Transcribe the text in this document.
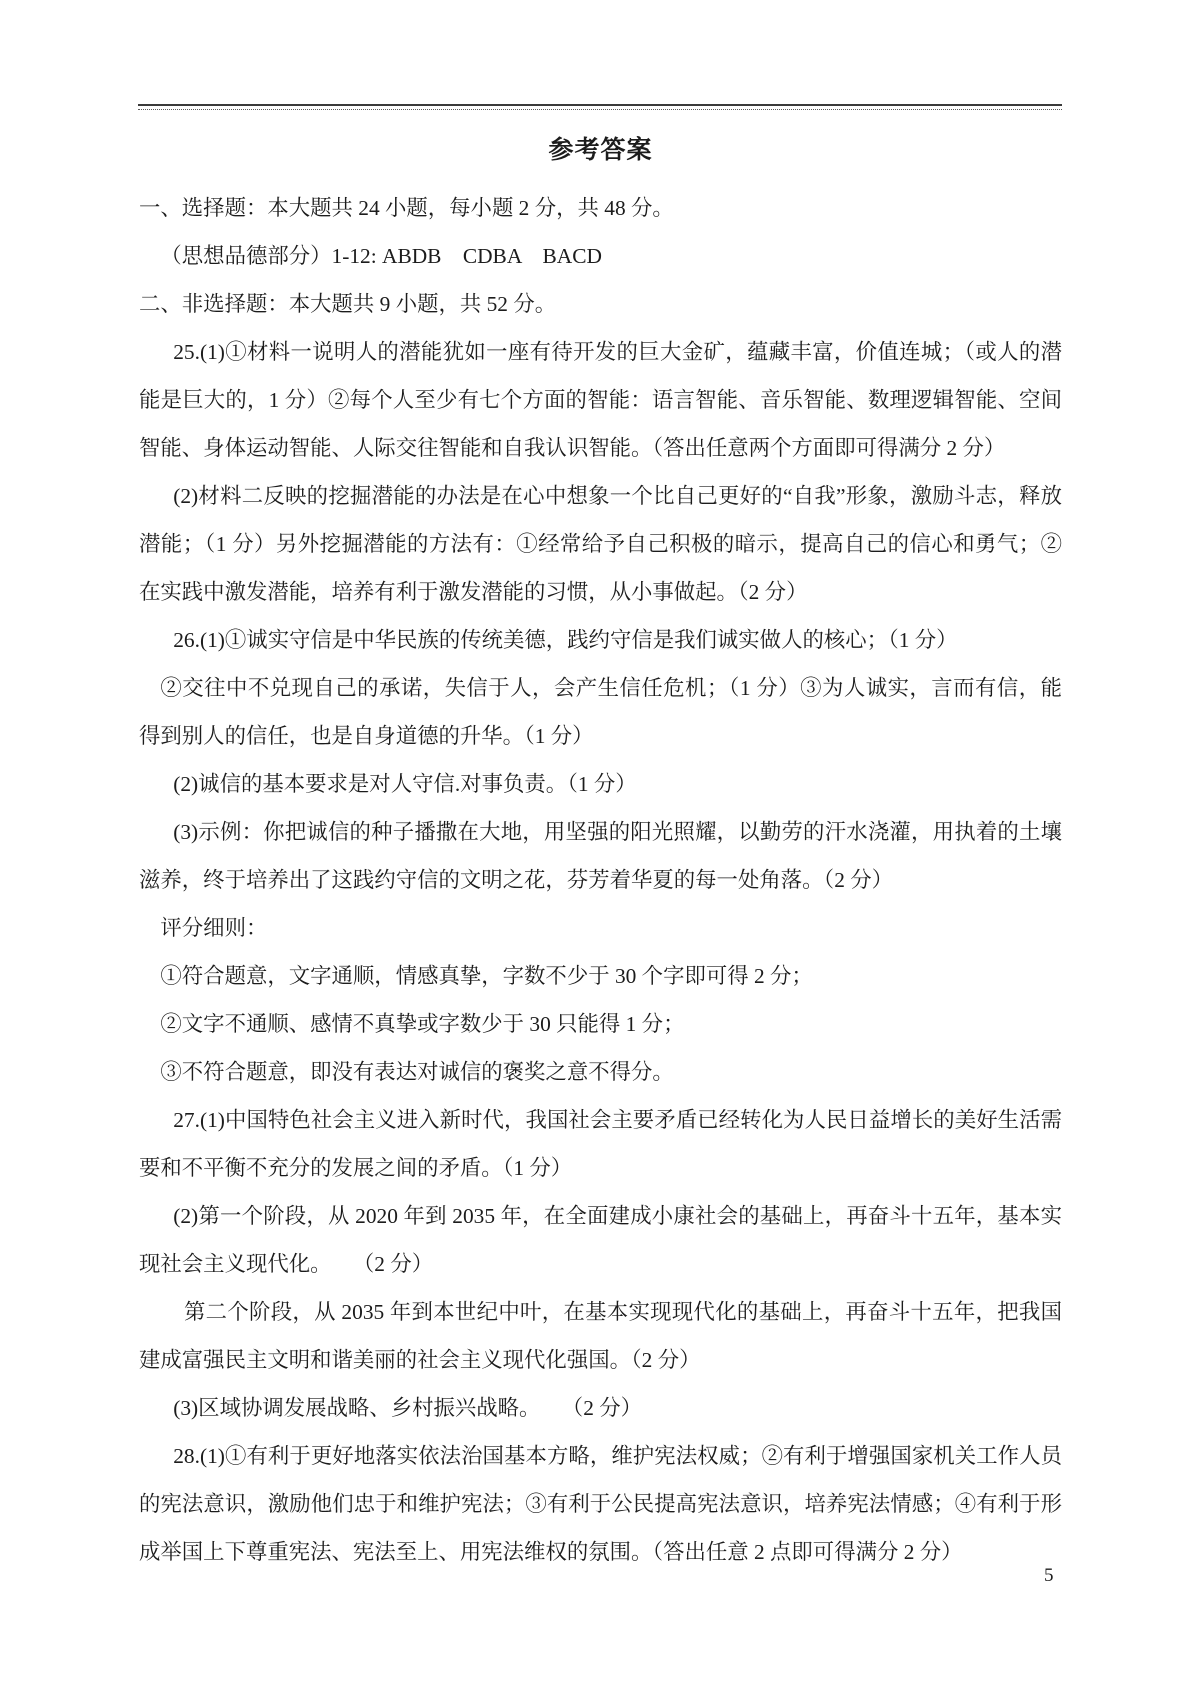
参考答案

一、选择题：本大题共 24 小题，每小题 2 分，共 48 分。

（思想品德部分）1-12: ABDB　CDBA　BACD

二、非选择题：本大题共 9 小题，共 52 分。

25.(1)①材料一说明人的潜能犹如一座有待开发的巨大金矿，蕴藏丰富，价值连城；（或人的潜能是巨大的，1 分）②每个人至少有七个方面的智能：语言智能、音乐智能、数理逻辑智能、空间智能、身体运动智能、人际交往智能和自我认识智能。（答出任意两个方面即可得满分 2 分）

(2)材料二反映的挖掘潜能的办法是在心中想象一个比自己更好的“自我”形象，激励斗志，释放潜能；（1 分）另外挖掘潜能的方法有：①经常给予自己积极的暗示，提高自己的信心和勇气；②在实践中激发潜能，培养有利于激发潜能的习惯，从小事做起。（2 分）

26.(1)①诚实守信是中华民族的传统美德，践约守信是我们诚实做人的核心；（1 分）

②交往中不兑现自己的承诺，失信于人，会产生信任危机；（1 分）③为人诚实，言而有信，能得到别人的信任，也是自身道德的升华。（1 分）

(2)诚信的基本要求是对人守信.对事负责。（1 分）

(3)示例：你把诚信的种子播撒在大地，用坚强的阳光照耀，以勤劳的汗水浇灌，用执着的土壤滋养，终于培养出了这践约守信的文明之花，芬芳着华夏的每一处角落。（2 分）

评分细则：

①符合题意，文字通顺，情感真挚，字数不少于 30 个字即可得 2 分；

②文字不通顺、感情不真挚或字数少于 30 只能得 1 分；

③不符合题意，即没有表达对诚信的褒奖之意不得分。

27.(1)中国特色社会主义进入新时代，我国社会主要矛盾已经转化为人民日益增长的美好生活需要和不平衡不充分的发展之间的矛盾。（1 分）

(2)第一个阶段，从 2020 年到 2035 年，在全面建成小康社会的基础上，再奋斗十五年，基本实现社会主义现代化。　　（2 分）

第二个阶段，从 2035 年到本世纪中叶，在基本实现现代化的基础上，再奋斗十五年，把我国建成富强民主文明和谐美丽的社会主义现代化强国。（2 分）

(3)区域协调发展战略、乡村振兴战略。　　（2 分）

28.(1)①有利于更好地落实依法治国基本方略，维护宪法权威；②有利于增强国家机关工作人员的宪法意识，激励他们忠于和维护宪法；③有利于公民提高宪法意识，培养宪法情感；④有利于形成举国上下尊重宪法、宪法至上、用宪法维权的氛围。（答出任意 2 点即可得满分 2 分）

5
